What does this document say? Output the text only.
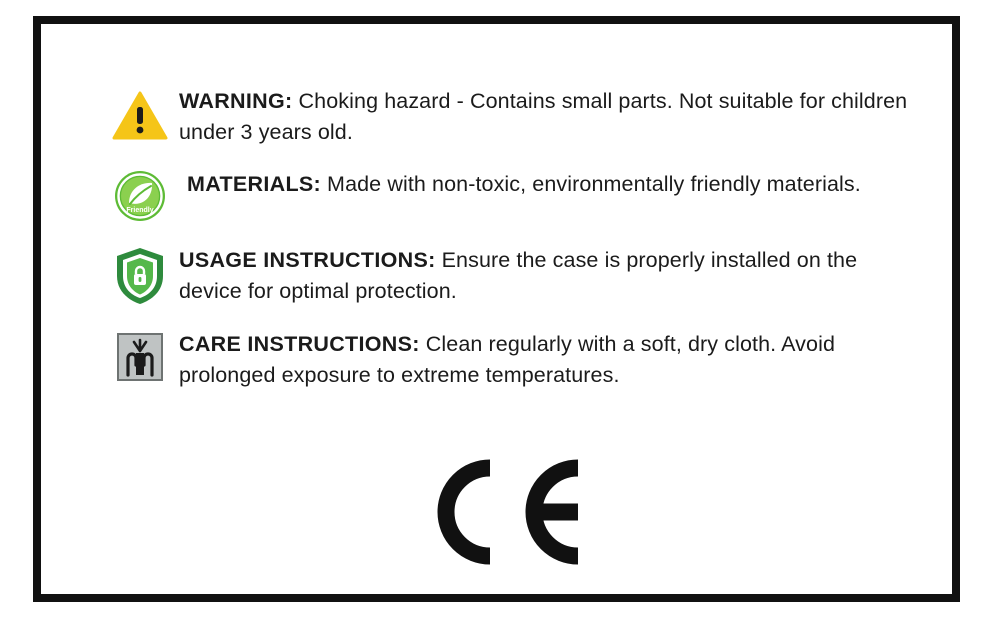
WARNING: Choking hazard - Contains small parts. Not suitable for children under 3 years old.
Friendly
MATERIALS: Made with non-toxic, environmentally friendly materials.
USAGE INSTRUCTIONS: Ensure the case is properly installed on the device for optimal protection.
CARE INSTRUCTIONS: Clean regularly with a soft, dry cloth. Avoid prolonged exposure to extreme temperatures.
